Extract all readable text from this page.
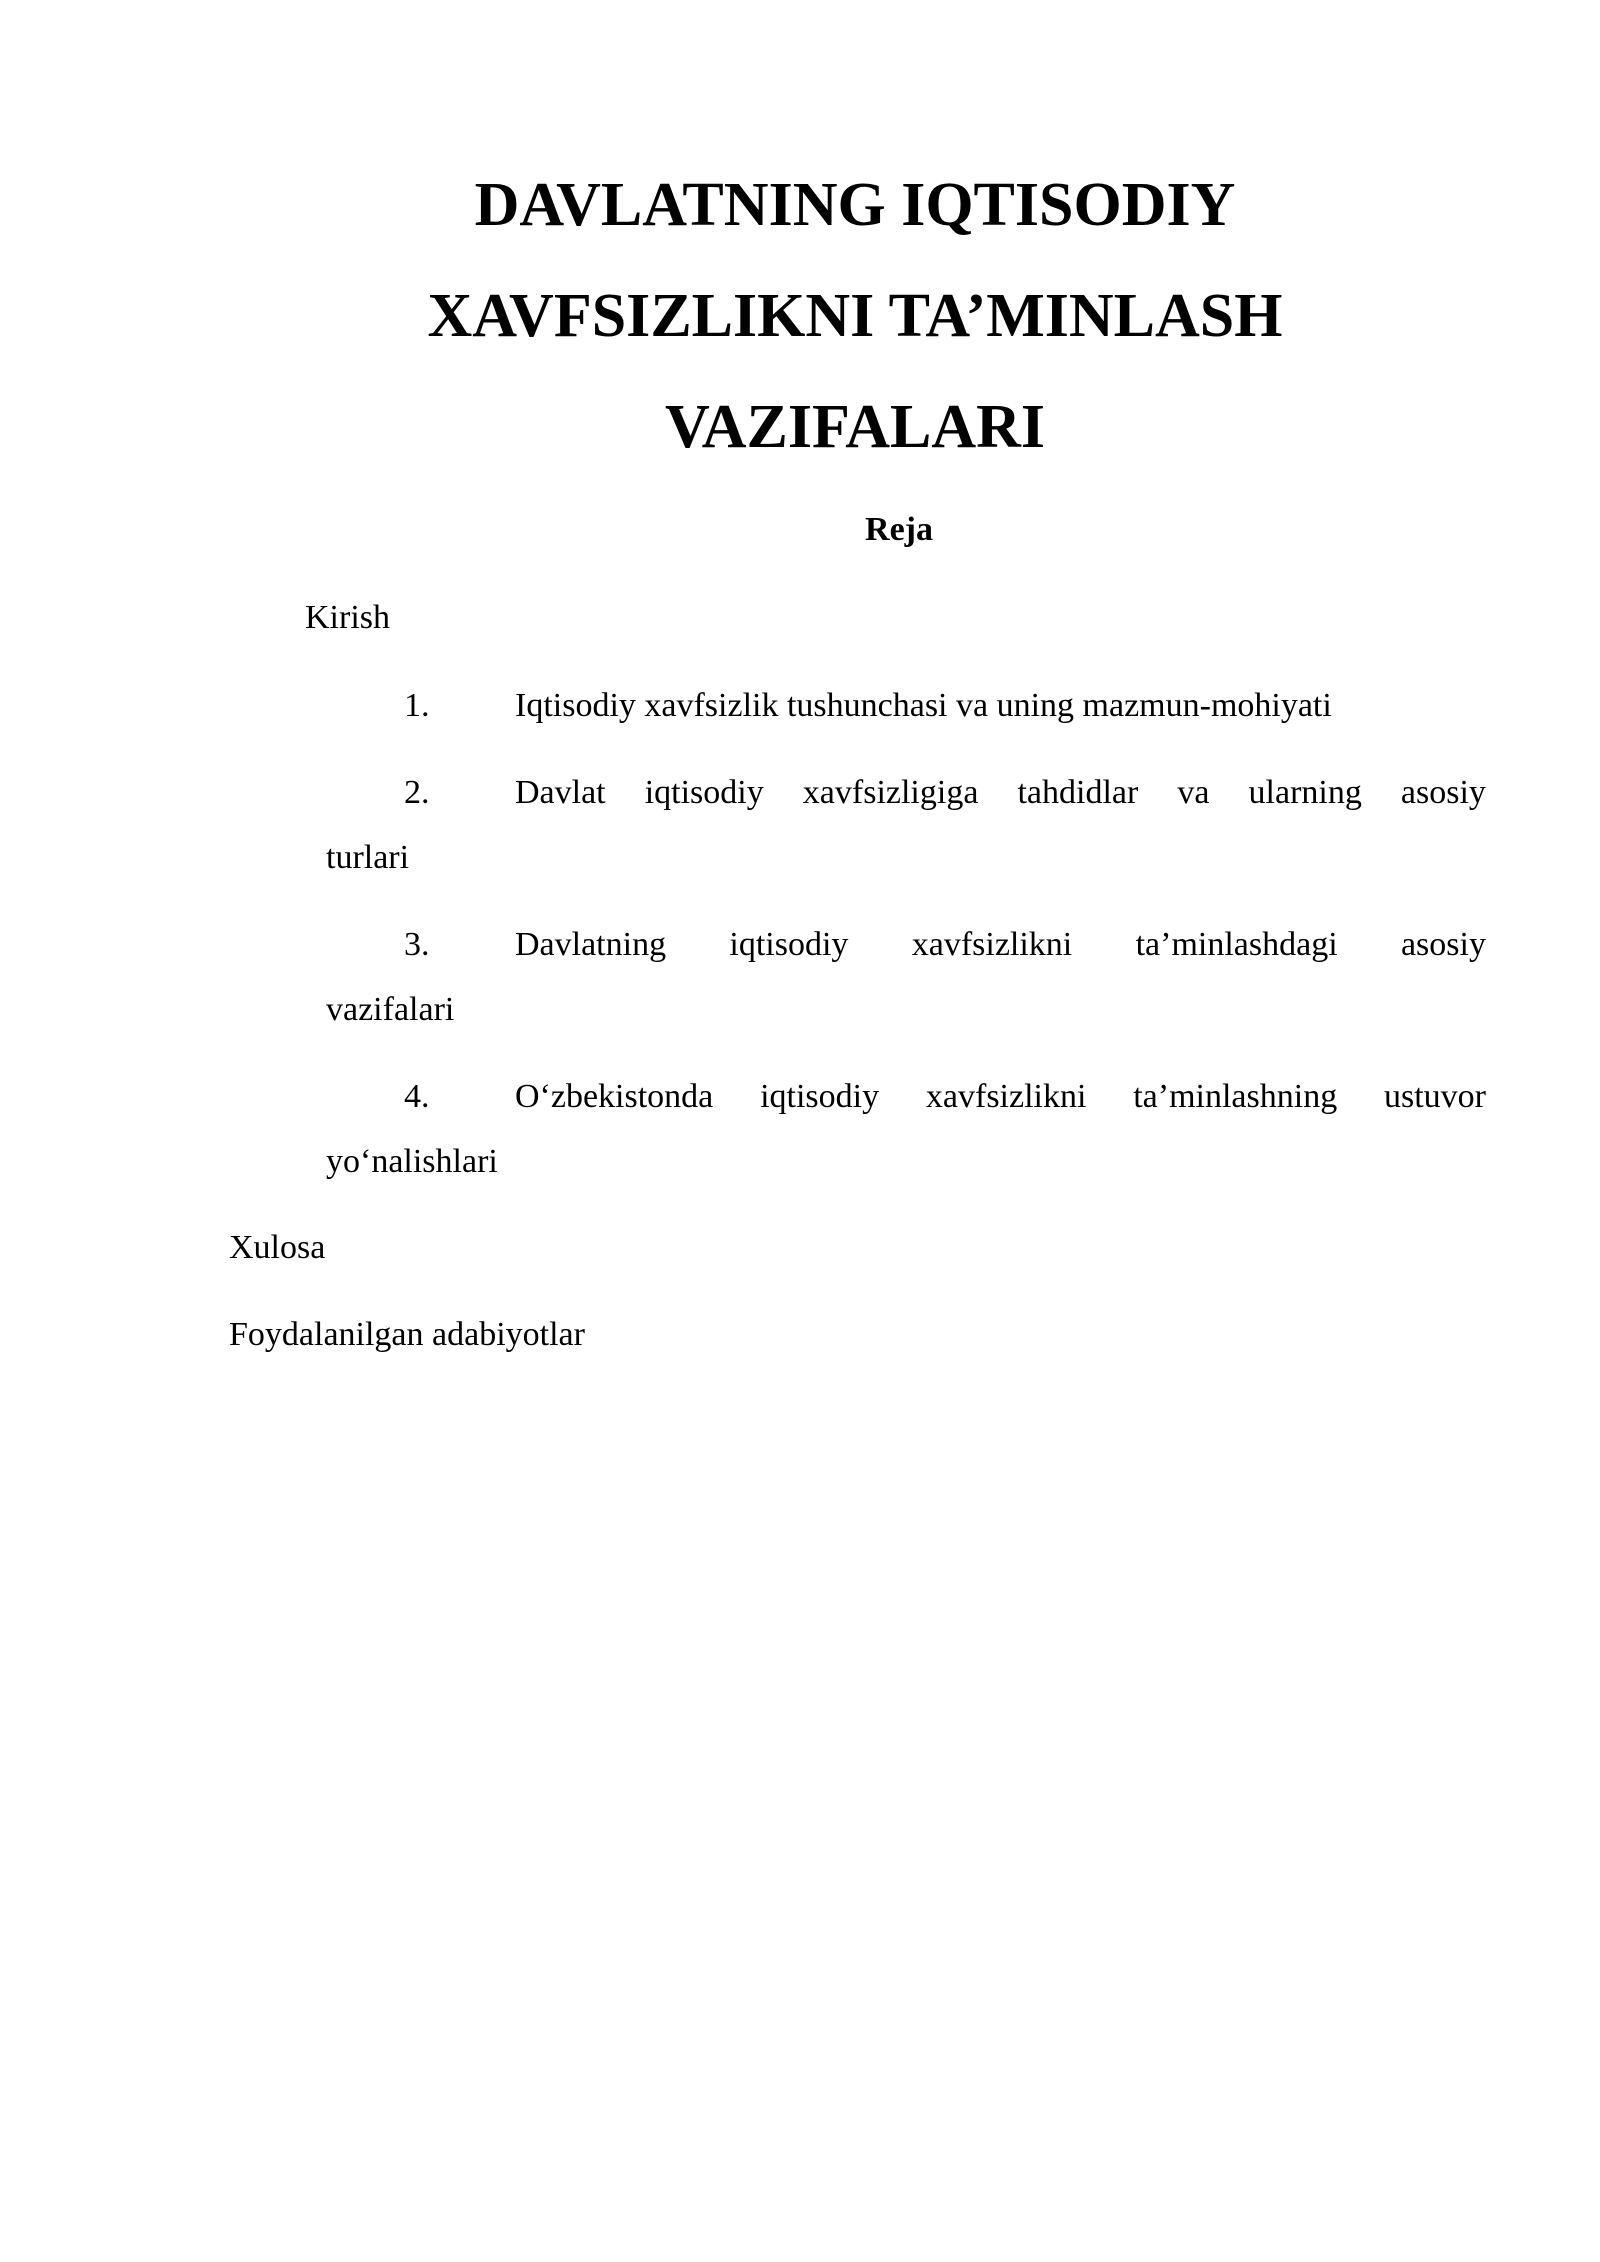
DAVLATNING IQTISODIY
XAVFSIZLIKNI TA’MINLASH
VAZIFALARI
Reja

Kirish

1.	Iqtisodiy xavfsizlik tushunchasi va uning mazmun-mohiyati
2.	Davlat iqtisodiy xavfsizligiga tahdidlar va ularning asosiy
turlari
3.	Davlatning iqtisodiy xavfsizlikni ta’minlashdagi asosiy
vazifalari
4.	O‘zbekistonda iqtisodiy xavfsizlikni ta’minlashning ustuvor
yo‘nalishlari

Xulosa

Foydalanilgan adabiyotlar
